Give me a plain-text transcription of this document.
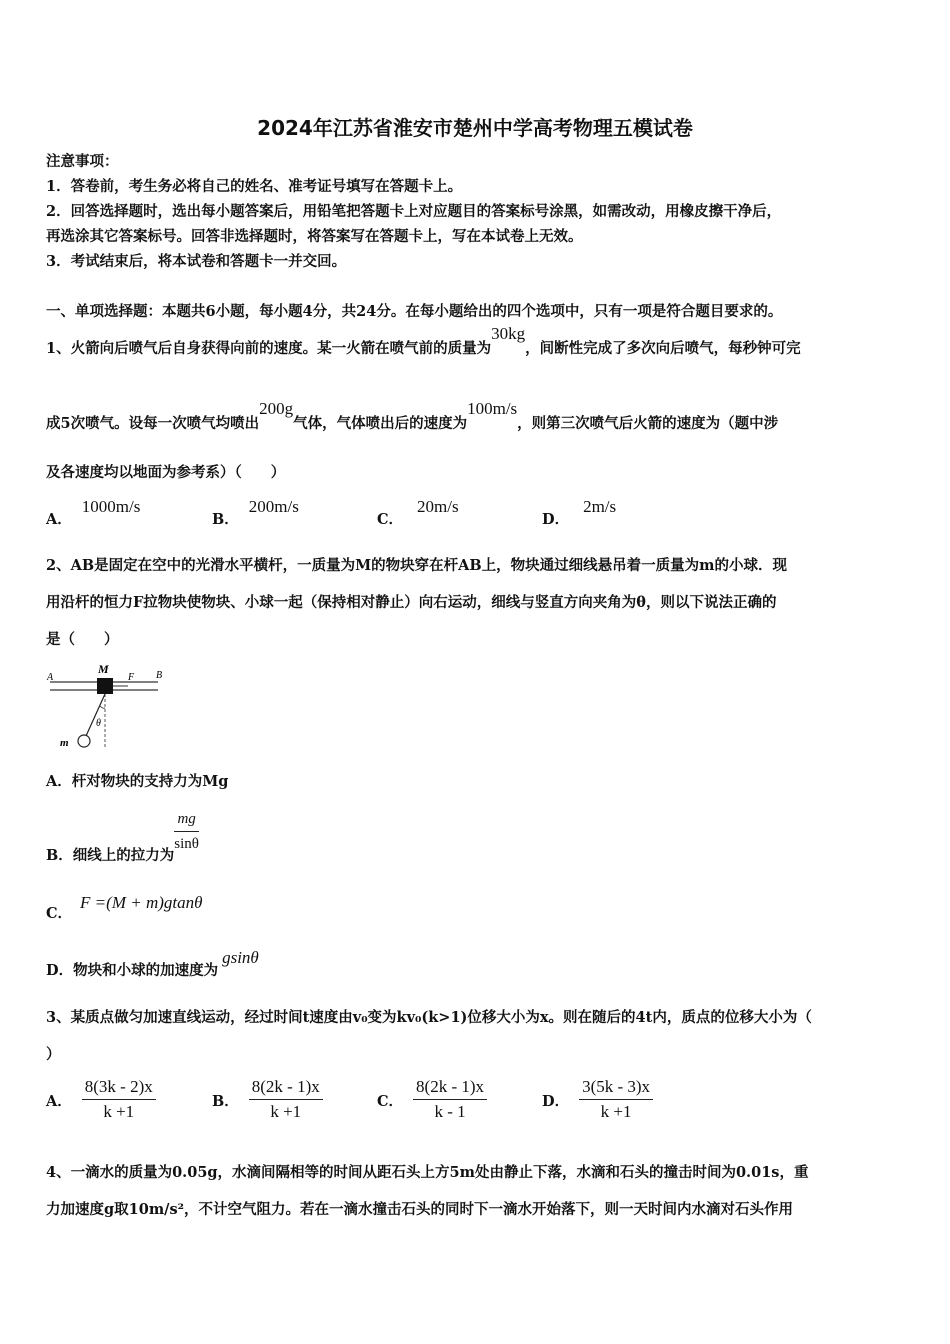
2024年江苏省淮安市楚州中学高考物理五模试卷
注意事项：
1．答卷前，考生务必将自己的姓名、准考证号填写在答题卡上。
2．回答选择题时，选出每小题答案后，用铅笔把答题卡上对应题目的答案标号涂黑，如需改动，用橡皮擦干净后，
再选涂其它答案标号。回答非选择题时，将答案写在答题卡上，写在本试卷上无效。
3．考试结束后，将本试卷和答题卡一并交回。
一、单项选择题：本题共6小题，每小题4分，共24分。在每小题给出的四个选项中，只有一项是符合题目要求的。
1、火箭向后喷气后自身获得向前的速度。某一火箭在喷气前的质量为30kg，间断性完成了多次向后喷气，每秒钟可完
成5次喷气。设每一次喷气均喷出200g气体，气体喷出后的速度为100m/s，则第三次喷气后火箭的速度为（题中涉
及各速度均以地面为参考系）（　　）
A．1000m/s
B．200m/s
C．20m/s
D．2m/s
2、AB是固定在空中的光滑水平横杆，一质量为M的物块穿在杆AB上，物块通过细线悬吊着一质量为m的小球．现
用沿杆的恒力F拉物块使物块、小球一起（保持相对静止）向右运动，细线与竖直方向夹角为θ，则以下说法正确的
是（　　）
A	B
M
F
θ
m
A．杆对物块的支持力为Mg
B．细线上的拉力为 $\frac{mg}{\sin\theta}$
C．F =(M + m)gtanθ
D．物块和小球的加速度为gsinθ
3、某质点做匀加速直线运动，经过时间t速度由v₀变为kv₀(k>1)位移大小为x。则在随后的4t内，质点的位移大小为（
）
A． $\frac{8(3k - 2)x}{k +1}$	B． $\frac{8(2k - 1)x}{k +1}$	C． $\frac{8(2k - 1)x}{k - 1}$	D． $\frac{3(5k - 3)x}{k +1}$
4、一滴水的质量为0.05g，水滴间隔相等的时间从距石头上方5m处由静止下落，水滴和石头的撞击时间为0.01s，重
力加速度g取10m/s²，不计空气阻力。若在一滴水撞击石头的同时下一滴水开始落下，则一天时间内水滴对石头作用
